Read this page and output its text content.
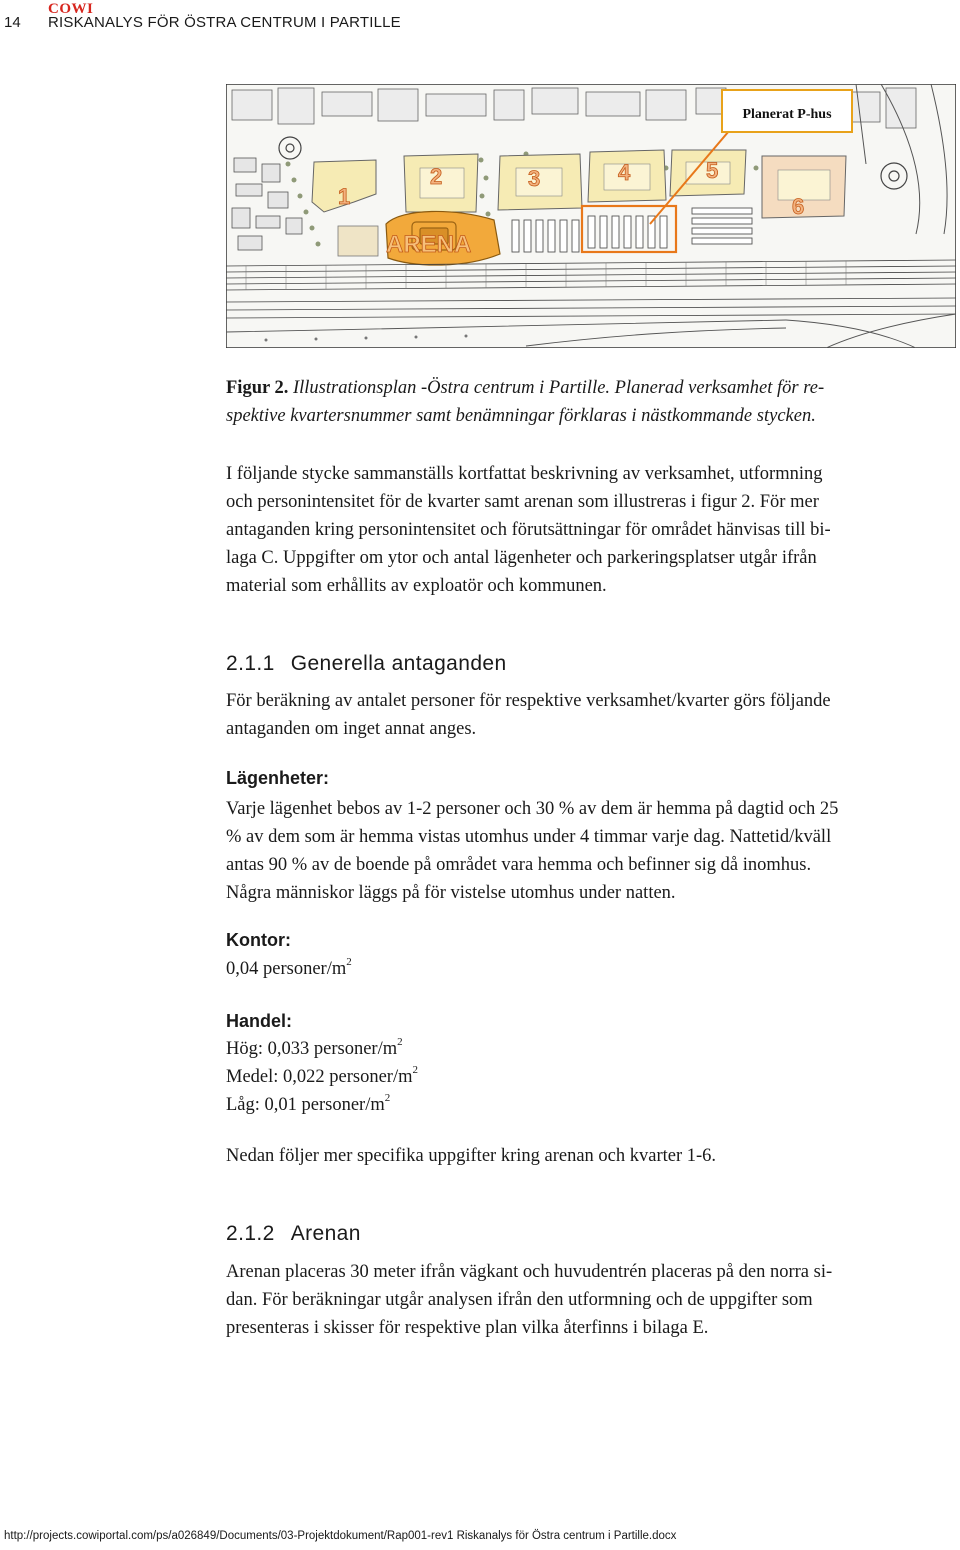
14
COWI
RISKANALYS FÖR ÖSTRA CENTRUM I PARTILLE
1
2	3	4	5
6
ARENA
Planerat P-hus

Figur 2. Illustrationsplan -Östra centrum i Partille. Planerad verksamhet för re-
spektive kvartersnummer samt benämningar förklaras i nästkommande stycken.

I följande stycke sammanställs kortfattat beskrivning av verksamhet, utformning
och personintensitet för de kvarter samt arenan som illustreras i figur 2. För mer
antaganden kring personintensitet och förutsättningar för området hänvisas till bi-
laga C. Uppgifter om ytor och antal lägenheter och parkeringsplatser utgår ifrån
material som erhållits av exploatör och kommunen.

2.1.1 Generella antaganden

För beräkning av antalet personer för respektive verksamhet/kvarter görs följande
antaganden om inget annat anges.

Lägenheter:

Varje lägenhet bebos av 1-2 personer och 30 % av dem är hemma på dagtid och 25
% av dem som är hemma vistas utomhus under 4 timmar varje dag. Nattetid/kväll
antas 90 % av de boende på området vara hemma och befinner sig då inomhus.
Några människor läggs på för vistelse utomhus under natten.

Kontor:

0,04 personer/$m^2$

Handel:

Hög: 0,033 personer/$m^2$
Medel: 0,022 personer/$m^2$
Låg: 0,01 personer/$m^2$

Nedan följer mer specifika uppgifter kring arenan och kvarter 1-6.

2.1.2 Arenan

Arenan placeras 30 meter ifrån vägkant och huvudentrén placeras på den norra si-
dan. För beräkningar utgår analysen ifrån den utformning och de uppgifter som
presenteras i skisser för respektive plan vilka återfinns i bilaga E.

http://projects.cowiportal.com/ps/a026849/Documents/03-Projektdokument/Rap001-rev1 Riskanalys för Östra centrum i Partille.docx
